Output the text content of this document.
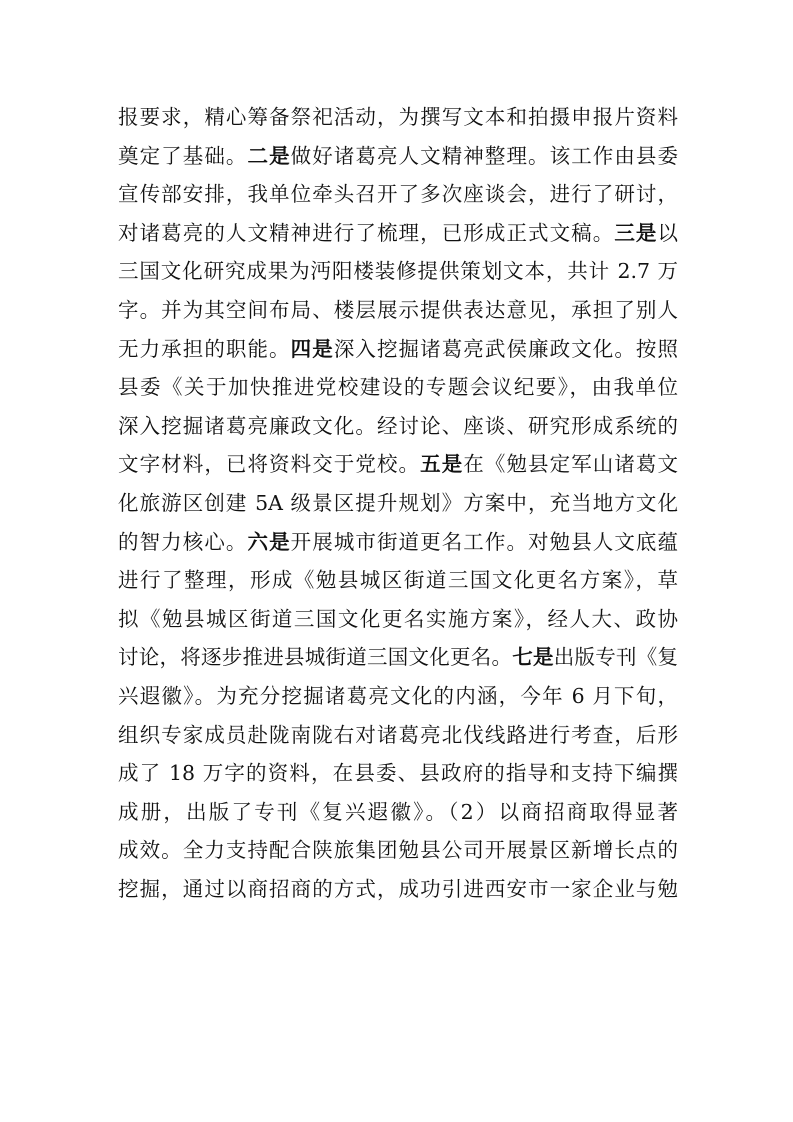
报要求，精心筹备祭祀活动，为撰写文本和拍摄申报片资料
奠定了基础。二是做好诸葛亮人文精神整理。该工作由县委
宣传部安排，我单位牵头召开了多次座谈会，进行了研讨，
对诸葛亮的人文精神进行了梳理，已形成正式文稿。三是以
三国文化研究成果为沔阳楼装修提供策划文本，共计 2.7 万
字。并为其空间布局、楼层展示提供表达意见，承担了别人
无力承担的职能。四是深入挖掘诸葛亮武侯廉政文化。按照
县委《关于加快推进党校建设的专题会议纪要》，由我单位
深入挖掘诸葛亮廉政文化。经讨论、座谈、研究形成系统的
文字材料，已将资料交于党校。五是在《勉县定军山诸葛文
化旅游区创建 5A 级景区提升规划》方案中，充当地方文化
的智力核心。六是开展城市街道更名工作。对勉县人文底蕴
进行了整理，形成《勉县城区街道三国文化更名方案》，草
拟《勉县城区街道三国文化更名实施方案》，经人大、政协
讨论，将逐步推进县城街道三国文化更名。七是出版专刊《复
兴遐徽》。为充分挖掘诸葛亮文化的内涵，今年 6 月下旬，
组织专家成员赴陇南陇右对诸葛亮北伐线路进行考查，后形
成了 18 万字的资料，在县委、县政府的指导和支持下编撰
成册，出版了专刊《复兴遐徽》。（2）以商招商取得显著
成效。全力支持配合陕旅集团勉县公司开展景区新增长点的
挖掘，通过以商招商的方式，成功引进西安市一家企业与勉
